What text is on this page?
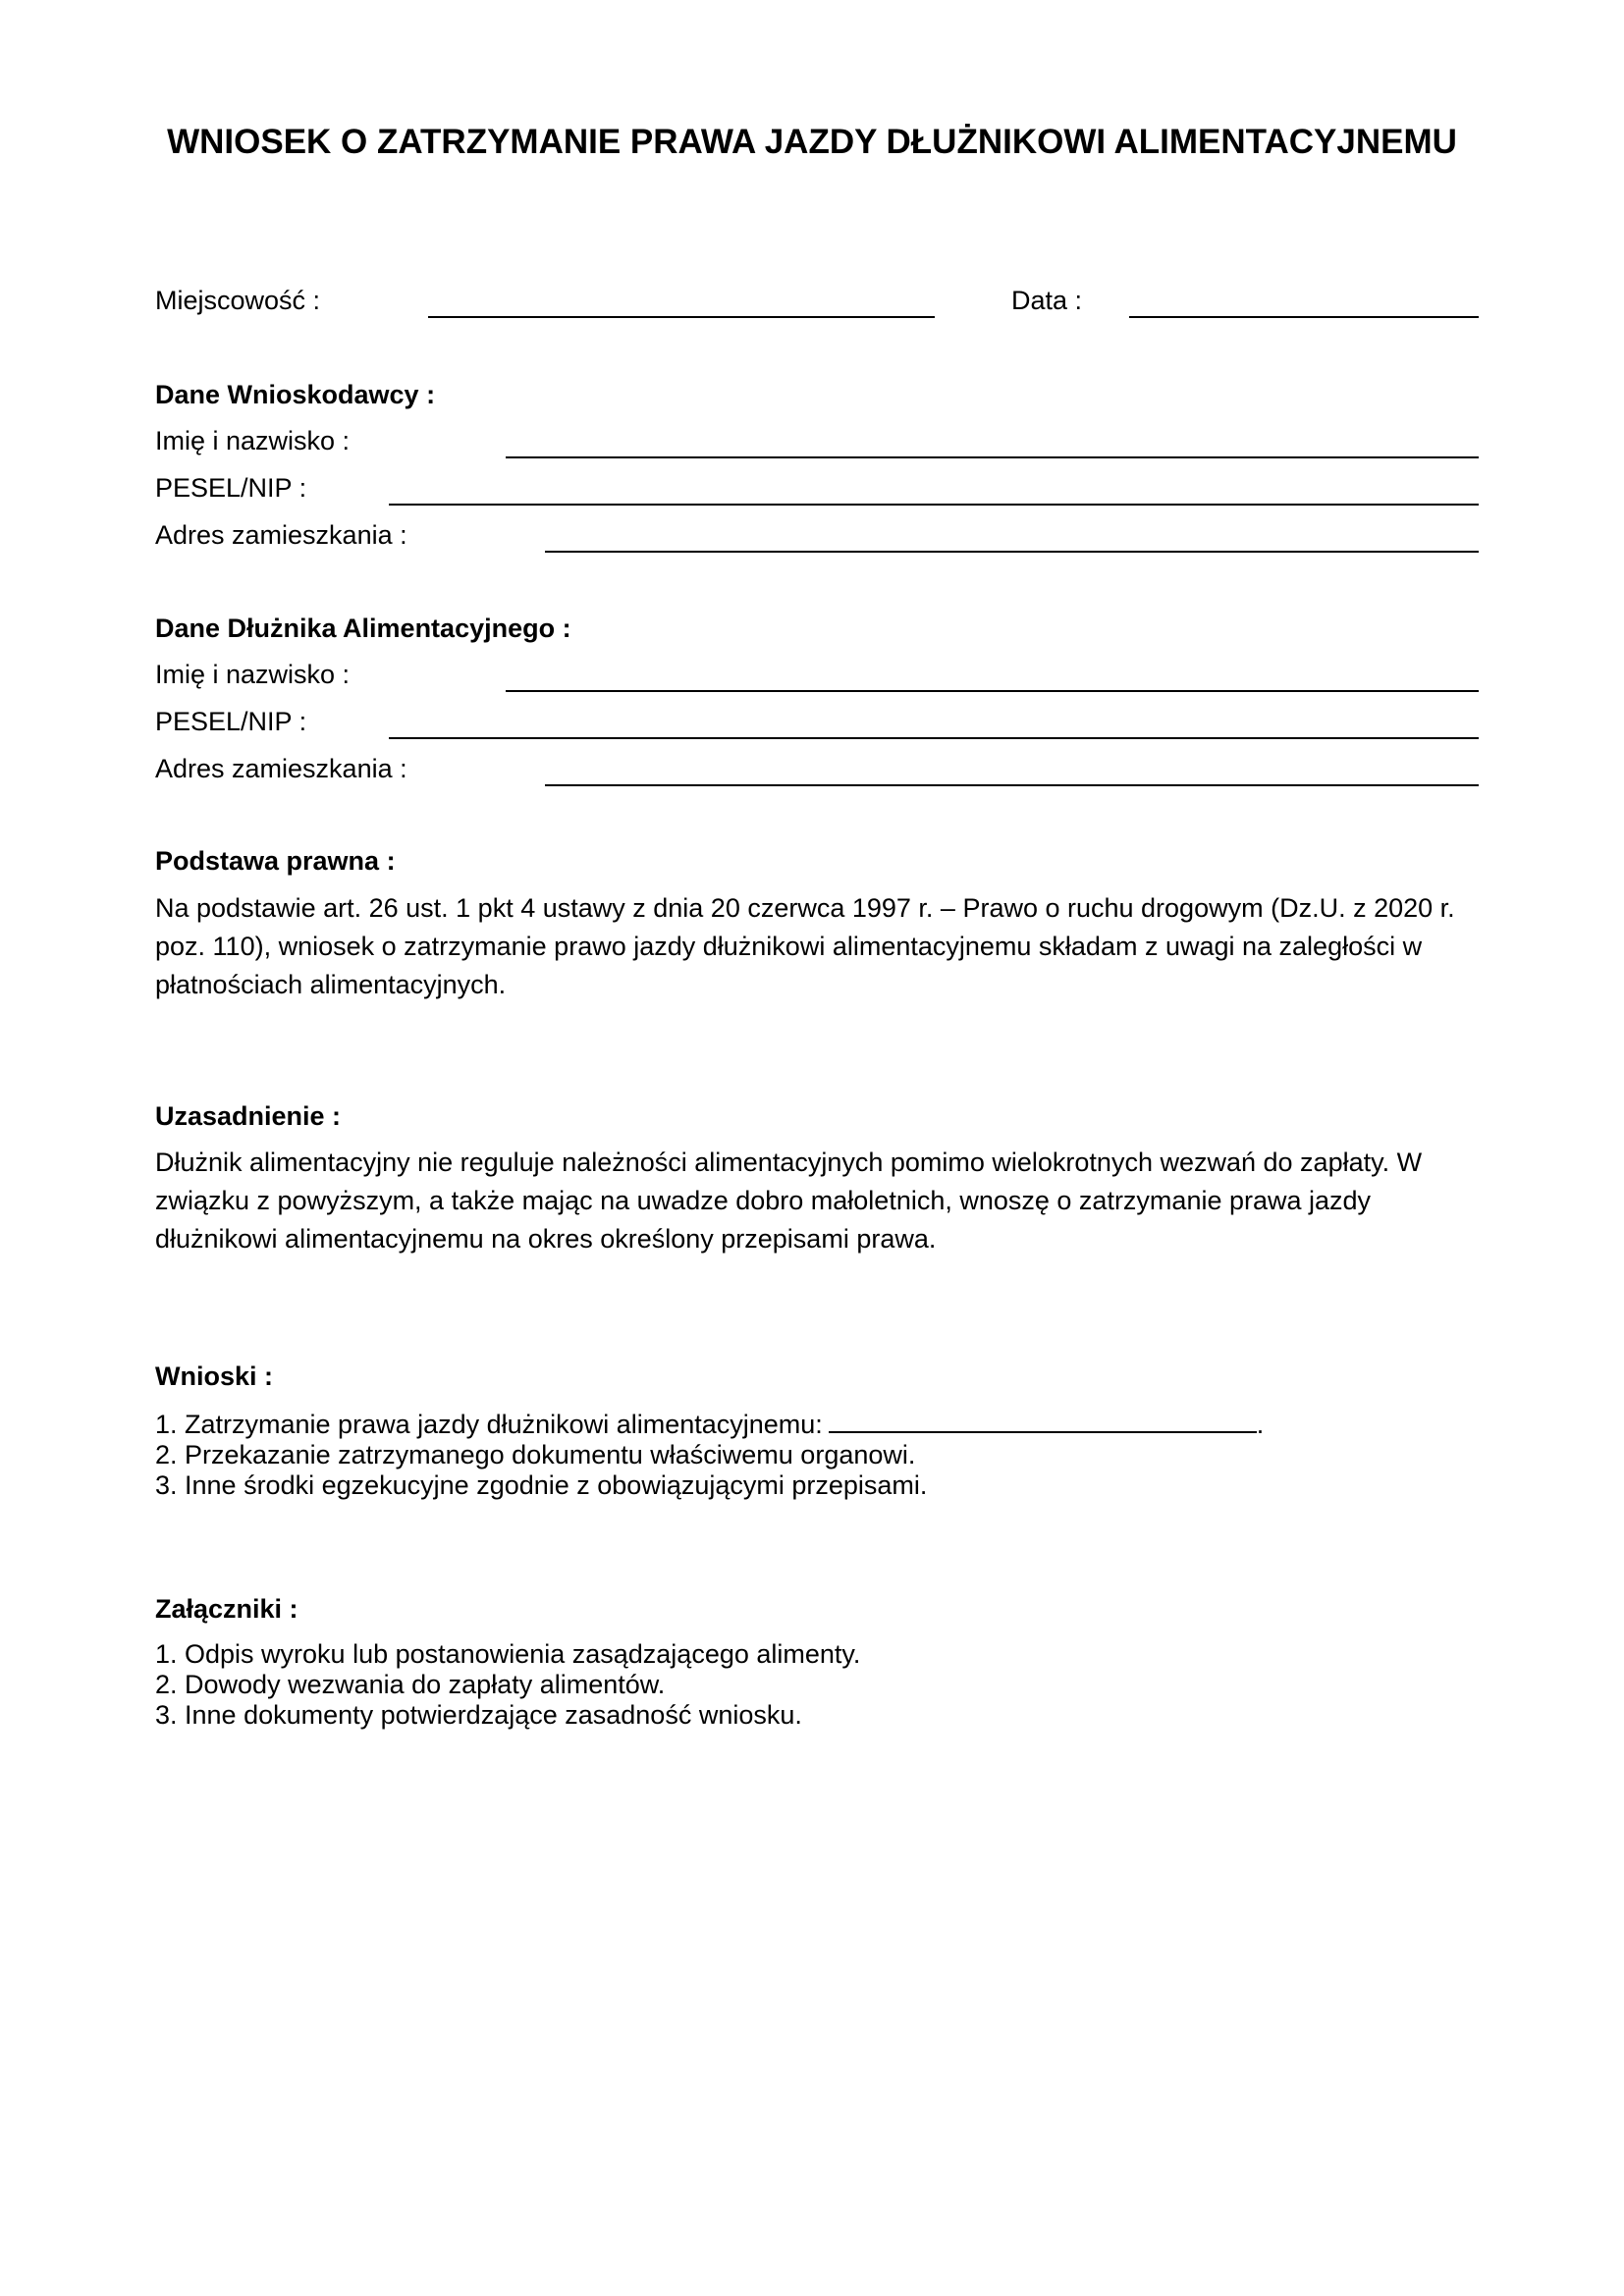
WNIOSEK O ZATRZYMANIE PRAWA JAZDY DŁUŻNIKOWI ALIMENTACYJNEMU
Miejscowość :	Data :
Dane Wnioskodawcy :
Imię i nazwisko :
PESEL/NIP :
Adres zamieszkania :
Dane Dłużnika Alimentacyjnego :
Imię i nazwisko :
PESEL/NIP :
Adres zamieszkania :
Podstawa prawna :

Na podstawie art. 26 ust. 1 pkt 4 ustawy z dnia 20 czerwca 1997 r. – Prawo o ruchu drogowym (Dz.U. z 2020 r. poz. 110), wniosek o zatrzymanie prawo jazdy dłużnikowi alimentacyjnemu składam z uwagi na zaległości w płatnościach alimentacyjnych.

Uzasadnienie :

Dłużnik alimentacyjny nie reguluje należności alimentacyjnych pomimo wielokrotnych wezwań do zapłaty. W związku z powyższym, a także mając na uwadze dobro małoletnich, wnoszę o zatrzymanie prawa jazdy dłużnikowi alimentacyjnemu na okres określony przepisami prawa.

Wnioski :
1. Zatrzymanie prawa jazdy dłużnikowi alimentacyjnemu:	.
2. Przekazanie zatrzymanego dokumentu właściwemu organowi.
3. Inne środki egzekucyjne zgodnie z obowiązującymi przepisami.
Załączniki :
1. Odpis wyroku lub postanowienia zasądzającego alimenty.
2. Dowody wezwania do zapłaty alimentów.
3. Inne dokumenty potwierdzające zasadność wniosku.
